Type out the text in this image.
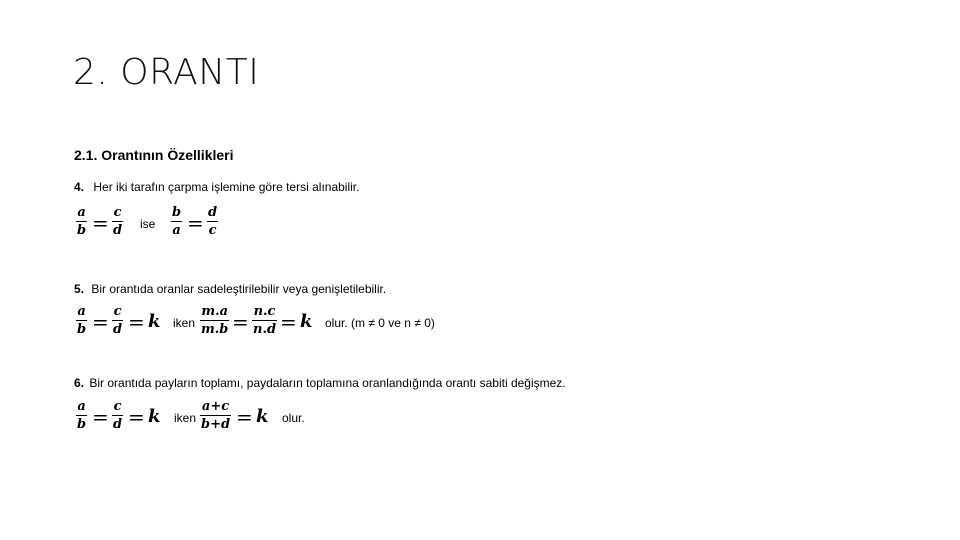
2. ORANTI
2.1. Orantının Özellikleri
4. Her iki tarafın çarpma işlemine göre tersi alınabilir.
a
b = c
d ise
b
a = d
c
5. Bir orantıda oranlar sadeleştirilebilir veya genişletilebilir.
a
b = c
d = k iken
m.a
m.b = n.c
n.d = k olur. (m ≠ 0 ve n ≠ 0)
6. Bir orantıda payların toplamı, paydaların toplamına oranlandığında orantı sabiti değişmez.
a
b = c
d = k iken
a+c
b+d = k olur.
